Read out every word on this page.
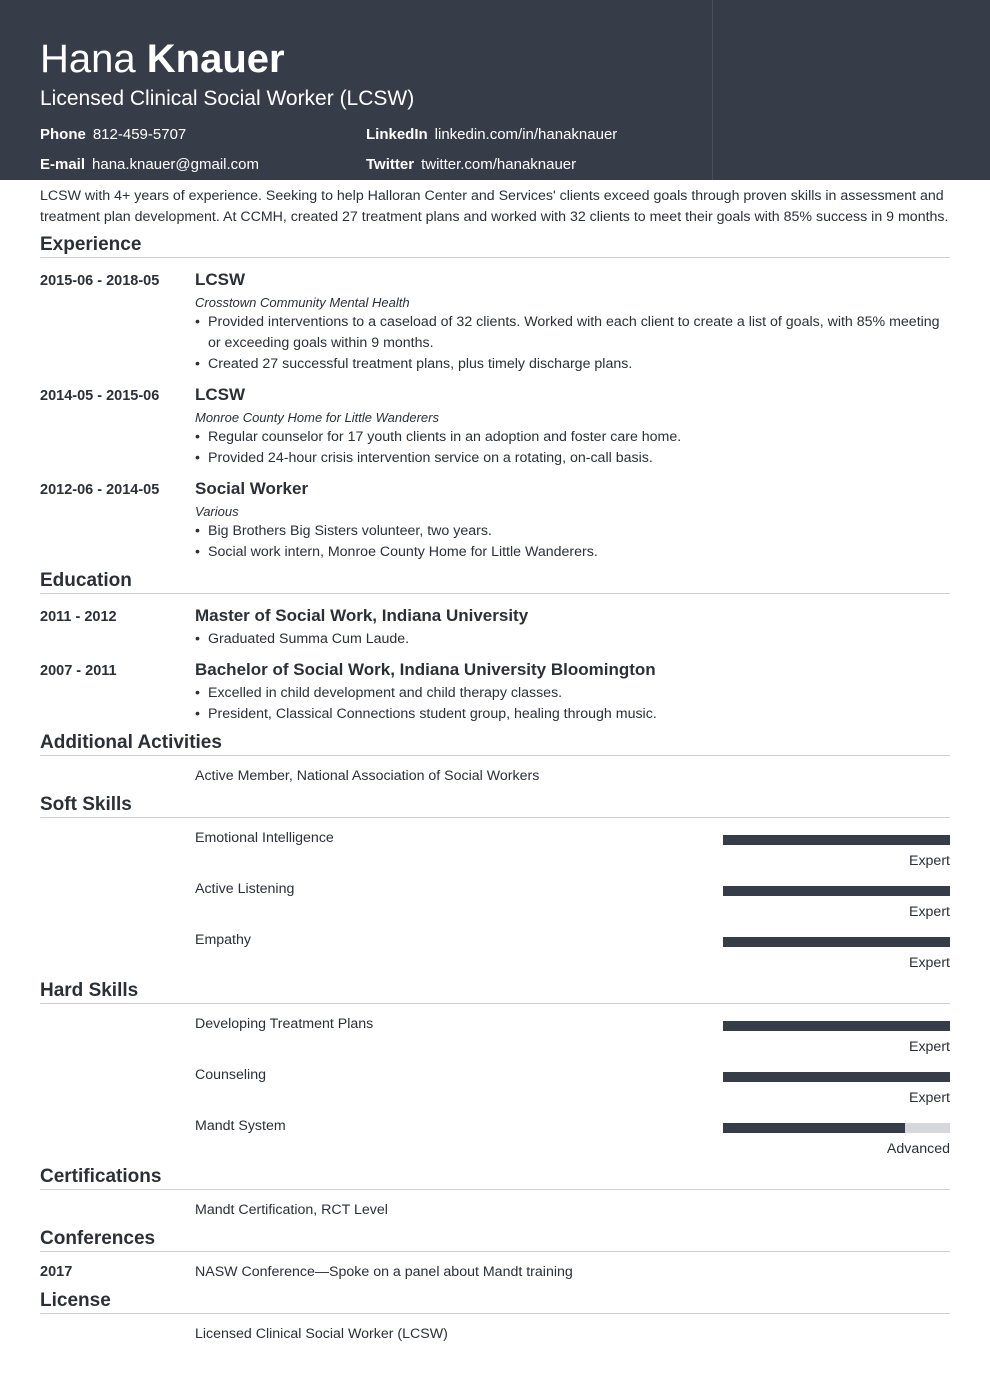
Hana Knauer
Licensed Clinical Social Worker (LCSW)
Phone 812-459-5707
E-mail hana.knauer@gmail.com
LinkedIn linkedin.com/in/hanaknauer
Twitter twitter.com/hanaknauer
LCSW with 4+ years of experience. Seeking to help Halloran Center and Services' clients exceed goals through proven skills in assessment and treatment plan development. At CCMH, created 27 treatment plans and worked with 32 clients to meet their goals with 85% success in 9 months.
Experience
2015-06 - 2018-05 LCSW
Crosstown Community Mental Health
• Provided interventions to a caseload of 32 clients. Worked with each client to create a list of goals, with 85% meeting or exceeding goals within 9 months.
• Created 27 successful treatment plans, plus timely discharge plans.
2014-05 - 2015-06 LCSW
Monroe County Home for Little Wanderers
• Regular counselor for 17 youth clients in an adoption and foster care home.
• Provided 24-hour crisis intervention service on a rotating, on-call basis.
2012-06 - 2014-05 Social Worker
Various
• Big Brothers Big Sisters volunteer, two years.
• Social work intern, Monroe County Home for Little Wanderers.
Education
2011 - 2012	Master of Social Work, Indiana University
• Graduated Summa Cum Laude.
2007 - 2011	Bachelor of Social Work, Indiana University Bloomington
• Excelled in child development and child therapy classes.
• President, Classical Connections student group, healing through music.
Additional Activities
Active Member, National Association of Social Workers
Soft Skills
Emotional Intelligence
Expert
Active Listening
Expert
Empathy
Expert
Hard Skills
Developing Treatment Plans
Expert
Counseling
Expert
Mandt System
Advanced
Certifications
Mandt Certification, RCT Level
Conferences
2017	NASW Conference—Spoke on a panel about Mandt training
License
Licensed Clinical Social Worker (LCSW)
